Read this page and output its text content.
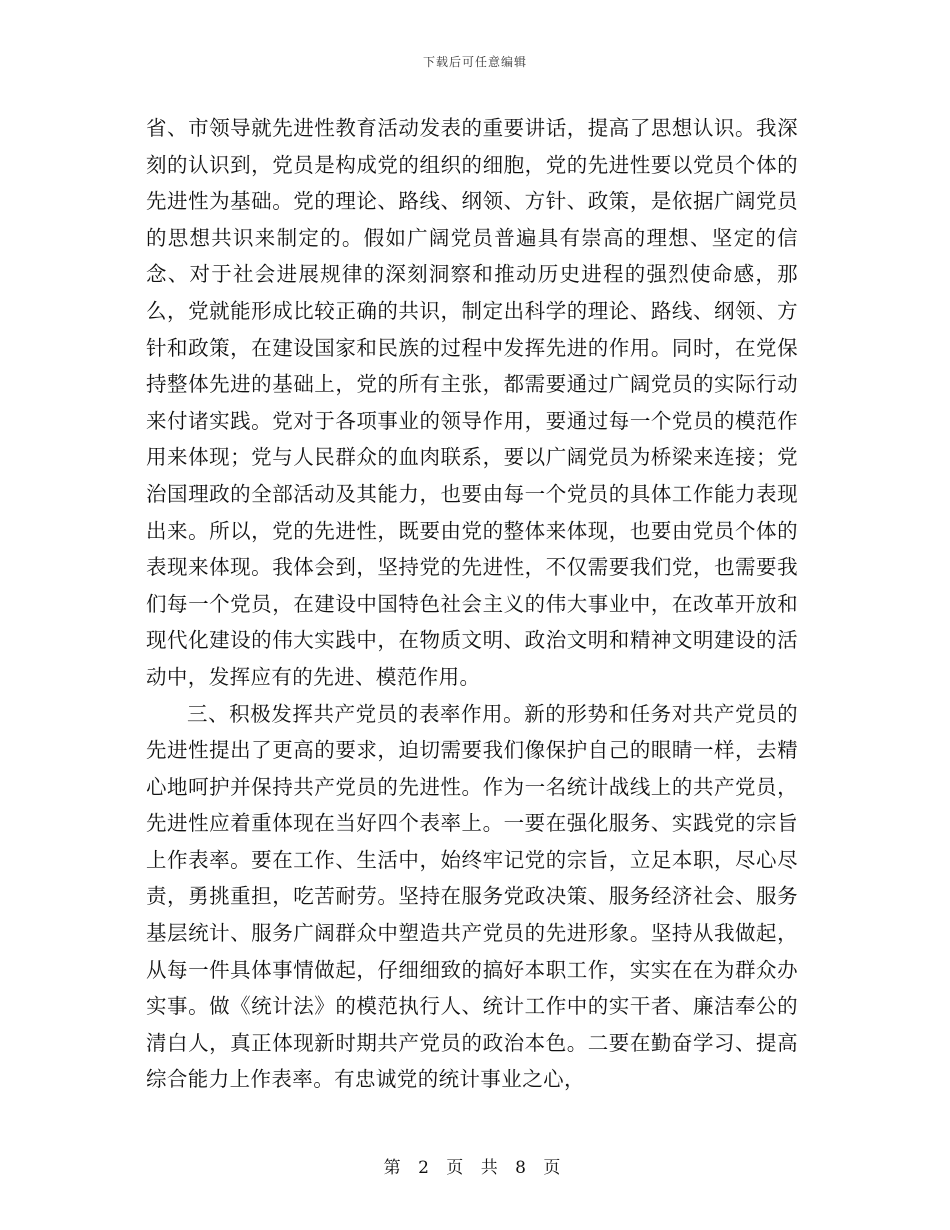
下载后可任意编辑

省、市领导就先进性教育活动发表的重要讲话，提高了思想认识。我深刻的认识到，党员是构成党的组织的细胞，党的先进性要以党员个体的先进性为基础。党的理论、路线、纲领、方针、政策，是依据广阔党员的思想共识来制定的。假如广阔党员普遍具有崇高的理想、坚定的信念、对于社会进展规律的深刻洞察和推动历史进程的强烈使命感，那么，党就能形成比较正确的共识，制定出科学的理论、路线、纲领、方针和政策，在建设国家和民族的过程中发挥先进的作用。同时，在党保持整体先进的基础上，党的所有主张，都需要通过广阔党员的实际行动来付诸实践。党对于各项事业的领导作用，要通过每一个党员的模范作用来体现；党与人民群众的血肉联系，要以广阔党员为桥梁来连接；党治国理政的全部活动及其能力，也要由每一个党员的具体工作能力表现出来。所以，党的先进性，既要由党的整体来体现，也要由党员个体的表现来体现。我体会到，坚持党的先进性，不仅需要我们党，也需要我们每一个党员，在建设中国特色社会主义的伟大事业中，在改革开放和现代化建设的伟大实践中，在物质文明、政治文明和精神文明建设的活动中，发挥应有的先进、模范作用。

三、积极发挥共产党员的表率作用。新的形势和任务对共产党员的先进性提出了更高的要求，迫切需要我们像保护自己的眼睛一样，去精心地呵护并保持共产党员的先进性。作为一名统计战线上的共产党员，先进性应着重体现在当好四个表率上。一要在强化服务、实践党的宗旨上作表率。要在工作、生活中，始终牢记党的宗旨，立足本职，尽心尽责，勇挑重担，吃苦耐劳。坚持在服务党政决策、服务经济社会、服务基层统计、服务广阔群众中塑造共产党员的先进形象。坚持从我做起，从每一件具体事情做起，仔细细致的搞好本职工作，实实在在为群众办实事。做《统计法》的模范执行人、统计工作中的实干者、廉洁奉公的清白人，真正体现新时期共产党员的政治本色。二要在勤奋学习、提高综合能力上作表率。有忠诚党的统计事业之心，

第 2 页 共 8 页
